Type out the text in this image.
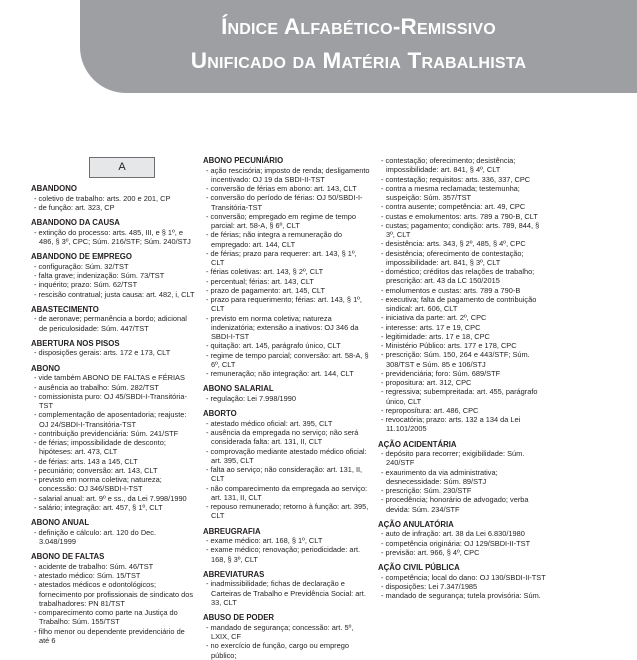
Índice Alfabético-Remissivo
Unificado da Matéria Trabalhista
A
ABANDONO
- coletivo de trabalho: arts. 200 e 201, CP
- de função: art. 323, CP
ABANDONO DA CAUSA
- extinção do processo: arts. 485, III, e § 1º, e 486, § 3º, CPC; Súm. 216/STF; Súm. 240/STJ
ABANDONO DE EMPREGO
- configuração: Súm. 32/TST
- falta grave; indenização: Súm. 73/TST
- inquérito; prazo: Súm. 62/TST
- rescisão contratual; justa causa: art. 482, i, CLT
ABASTECIMENTO
- de aeronave; permanência a bordo; adicional de periculosidade: Súm. 447/TST
ABERTURA NOS PISOS
- disposições gerais: arts. 172 e 173, CLT
ABONO
- vide também ABONO DE FALTAS e FÉRIAS
- ausência ao trabalho: Súm. 282/TST
- comissionista puro: OJ 45/SBDI-I-Transitória-TST
- complementação de aposentadoria; reajuste: OJ 24/SBDI-I-Transitória-TST
- contribuição previdenciária: Súm. 241/STF
- de férias; impossibilidade de desconto; hipóteses: art. 473, CLT
- de férias: arts. 143 a 145, CLT
- pecuniário; conversão: art. 143, CLT
- previsto em norma coletiva; natureza; concessão: OJ 346/SBDI-I-TST
- salarial anual: art. 9º e ss., da Lei 7.998/1990
- salário; integração: art. 457, § 1º, CLT
ABONO ANUAL
- definição e cálculo: art. 120 do Dec. 3.048/1999
ABONO DE FALTAS
- acidente de trabalho: Súm. 46/TST
- atestado médico: Súm. 15/TST
- atestados médicos e odontológicos; fornecimento por profissionais de sindicato dos trabalhadores: PN 81/TST
- comparecimento como parte na Justiça do Trabalho: Súm. 155/TST
- filho menor ou dependente previdenciário de até 6
ABONO PECUNIÁRIO
- ação rescisória; imposto de renda; desligamento incentivado: OJ 19 da SBDI-II-TST
- conversão de férias em abono: art. 143, CLT
- conversão do período de férias: OJ 50/SBDI-I-Transitória-TST
- conversão; empregado em regime de tempo parcial: art. 58-A, § 6º, CLT
- de férias; não integra a remuneração do empregado: art. 144, CLT
- de férias; prazo para requerer: art. 143, § 1º, CLT
- férias coletivas: art. 143, § 2º, CLT
- percentual; férias: art. 143, CLT
- prazo de pagamento: art. 145, CLT
- prazo para requerimento; férias: art. 143, § 1º, CLT
- previsto em norma coletiva; natureza indenizatória; extensão a inativos: OJ 346 da SBDI-I-TST
- quitação: art. 145, parágrafo único, CLT
- regime de tempo parcial; conversão: art. 58-A, § 6º, CLT
- remuneração; não integração: art. 144, CLT
ABONO SALARIAL
- regulação: Lei 7.998/1990
ABORTO
- atestado médico oficial: art. 395, CLT
- ausência da empregada no serviço; não será considerada falta: art. 131, II, CLT
- comprovação mediante atestado médico oficial: art. 395, CLT
- falta ao serviço; não consideração: art. 131, II, CLT
- não comparecimento da empregada ao serviço: art. 131, II, CLT
- repouso remunerado; retorno à função: art. 395, CLT
ABREUGRAFIA
- exame médico: art. 168, § 1º, CLT
- exame médico; renovação; periodicidade: art. 168, § 3º, CLT
ABREVIATURAS
- inadmissibilidade; fichas de declaração e Carteiras de Trabalho e Previdência Social: art. 33, CLT
ABUSO DE PODER
- mandado de segurança; concessão: art. 5º, LXIX, CF
- no exercício de função, cargo ou emprego público;
- contestação; oferecimento; desistência; impossibilidade: art. 841, § 4º, CLT
- contestação; requisitos: arts. 336, 337, CPC
- contra a mesma reclamada; testemunha; suspeição: Súm. 357/TST
- contra ausente; competência: art. 49, CPC
- custas e emolumentos: arts. 789 a 790-B, CLT
- custas; pagamento; condição: arts. 789, 844, § 3º, CLT
- desistência: arts. 343, § 2º, 485, § 4º, CPC
- desistência; oferecimento de contestação; impossibilidade: art. 841, § 3º, CLT
- doméstico; créditos das relações de trabalho; prescrição: art. 43 da LC 150/2015
- emolumentos e custas: arts. 789 a 790-B
- executiva; falta de pagamento de contribuição sindical: art. 606, CLT
- iniciativa da parte: art. 2º, CPC
- interesse: arts. 17 e 19, CPC
- legitimidade: arts. 17 e 18, CPC
- Ministério Público: arts. 177 e 178, CPC
- prescrição: Súm. 150, 264 e 443/STF; Súm. 308/TST e Súm. 85 e 106/STJ
- previdenciária; foro: Súm. 689/STF
- propositura: art. 312, CPC
- regressiva; subempreitada: art. 455, parágrafo único, CLT
- reproposítura: art. 486, CPC
- revocatória; prazo: arts. 132 a 134 da Lei 11.101/2005
AÇÃO ACIDENTÁRIA
- depósito para recorrer; exigibilidade: Súm. 240/STF
- exaurimento da via administrativa; desnecessidade: Súm. 89/STJ
- prescrição: Súm. 230/STF
- procedência; honorário de advogado; verba devida: Súm. 234/STF
AÇÃO ANULATÓRIA
- auto de infração: art. 38 da Lei 6.830/1980
- competência originária: OJ 129/SBDI-II-TST
- previsão: art. 966, § 4º, CPC
AÇÃO CIVIL PÚBLICA
- competência; local do dano: OJ 130/SBDI-II-TST
- disposições: Lei 7.347/1985
- mandado de segurança; tutela provisória: Súm.
